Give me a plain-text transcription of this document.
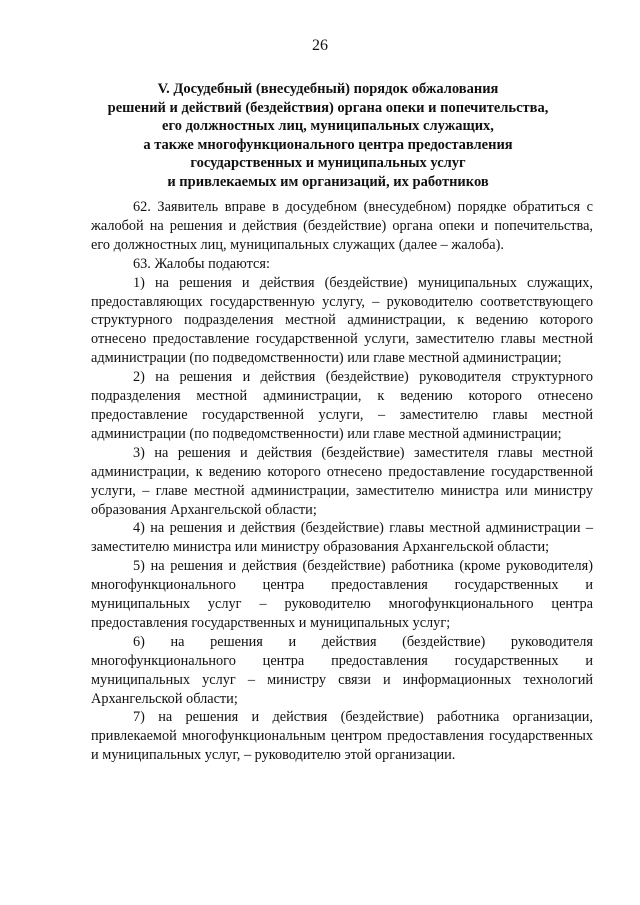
26
V. Досудебный (внесудебный) порядок обжалования
решений и действий (бездействия) органа опеки и попечительства,
его должностных лиц, муниципальных служащих,
а также многофункционального центра предоставления
государственных и муниципальных услуг
и привлекаемых им организаций, их работников

62. Заявитель вправе в досудебном (внесудебном) порядке обратиться с жалобой на решения и действия (бездействие) органа опеки и попечительства, его должностных лиц, муниципальных служащих (далее – жалоба).

63. Жалобы подаются:

1) на решения и действия (бездействие) муниципальных служащих, предоставляющих государственную услугу, – руководителю соответствующего структурного подразделения местной администрации, к ведению которого отнесено предоставление государственной услуги, заместителю главы местной администрации (по подведомственности) или главе местной администрации;

2) на решения и действия (бездействие) руководителя структурного подразделения местной администрации, к ведению которого отнесено предоставление государственной услуги, – заместителю главы местной администрации (по подведомственности) или главе местной администрации;

3) на решения и действия (бездействие) заместителя главы местной администрации, к ведению которого отнесено предоставление государственной услуги, – главе местной администрации, заместителю министра или министру образования Архангельской области;

4) на решения и действия (бездействие) главы местной администрации – заместителю министра или министру образования Архангельской области;

5) на решения и действия (бездействие) работника (кроме руководителя) многофункционального центра предоставления государственных и муниципальных услуг – руководителю многофункционального центра предоставления государственных и муниципальных услуг;

6) на решения и действия (бездействие) руководителя многофункционального центра предоставления государственных и муниципальных услуг – министру связи и информационных технологий Архангельской области;

7) на решения и действия (бездействие) работника организации, привлекаемой многофункциональным центром предоставления государственных и муниципальных услуг, – руководителю этой организации.
